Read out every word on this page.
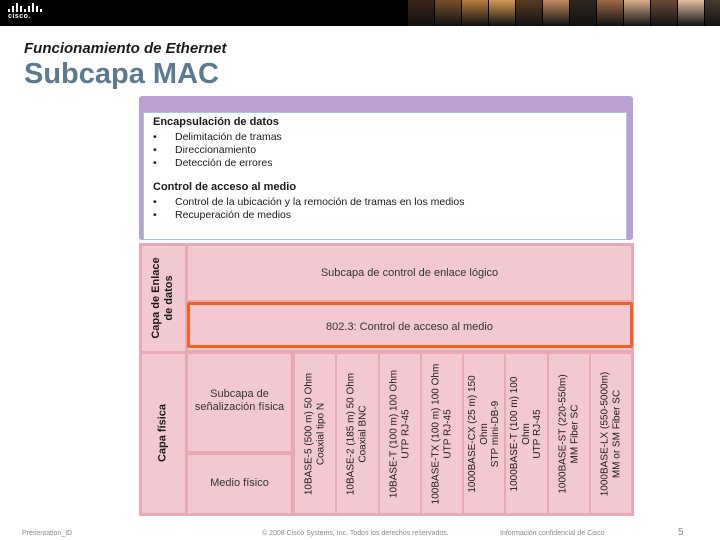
cisco.
Funcionamiento de Ethernet
Subcapa MAC
Encapsulación de datos
• Delimitación de tramas
• Direccionamiento
• Detección de errores
Control de acceso al medio
• Control de la ubicación y la remoción de tramas en los medios
• Recuperación de medios
Capa de Enlace de datos
Subcapa de control de enlace lógico
802.3: Control de acceso al medio
Capa física
Subcapa de
señalización física
Medio físico	10BASE-5 (500 m) 50 Ohm Coaxial tipo N 10BASE-2 (185 m) 50 Ohm Coaxial BNC 10BASE-T (100 m) 100 Ohm UTP RJ-45 100BASE-TX (100 m) 100 Ohm UTP RJ-45 1000BASE-CX (25 m) 150 Ohm STP mini-DB-9 1000BASE-T (100 m) 100 Ohm UTP RJ-45 1000BASE-ST (220-550m) MM Fiber SC 1000BASE-LX (550-5000m) MM or SM Fiber SC
Presentation_ID	© 2008 Cisco Systems, Inc. Todos los derechos reservados.	Información confidencial de Cisco	5
